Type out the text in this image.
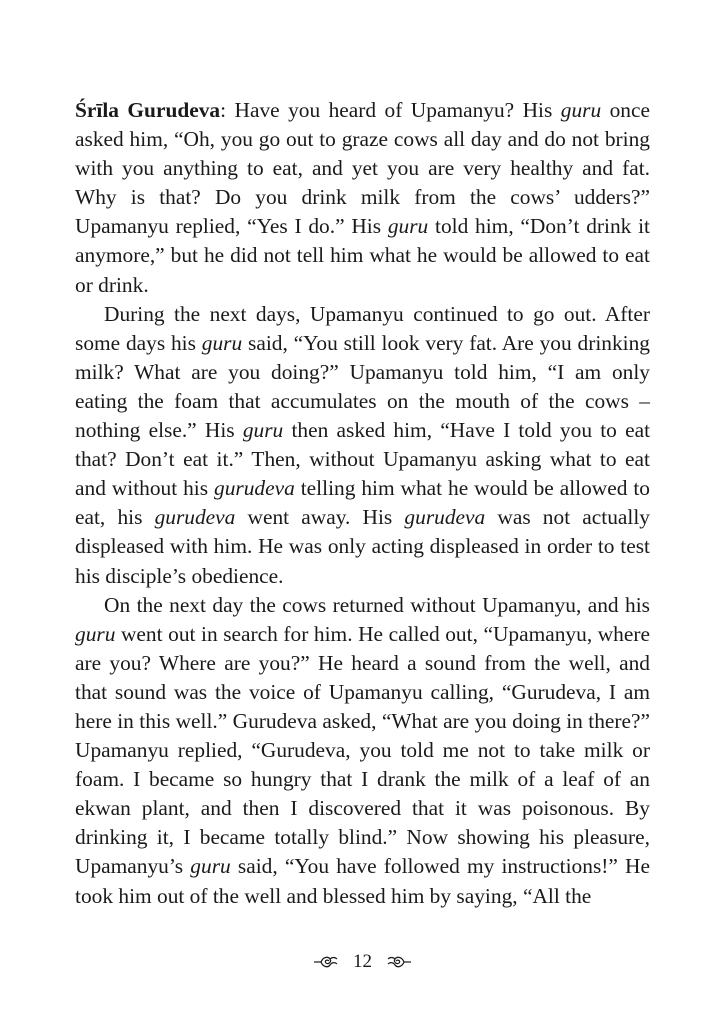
Śrīla Gurudeva: Have you heard of Upamanyu? His guru once asked him, “Oh, you go out to graze cows all day and do not bring with you anything to eat, and yet you are very healthy and fat. Why is that? Do you drink milk from the cows’ udders?” Upamanyu replied, “Yes I do.” His guru told him, “Don’t drink it anymore,” but he did not tell him what he would be allowed to eat or drink.

During the next days, Upamanyu continued to go out. After some days his guru said, “You still look very fat. Are you drinking milk? What are you doing?” Upamanyu told him, “I am only eating the foam that accumulates on the mouth of the cows – nothing else.” His guru then asked him, “Have I told you to eat that? Don’t eat it.” Then, without Upamanyu asking what to eat and without his gurudeva telling him what he would be allowed to eat, his gurudeva went away. His gurudeva was not actually displeased with him. He was only acting displeased in order to test his disciple’s obedience.

On the next day the cows returned without Upamanyu, and his guru went out in search for him. He called out, “Upamanyu, where are you? Where are you?” He heard a sound from the well, and that sound was the voice of Upamanyu calling, “Gurudeva, I am here in this well.” Gurudeva asked, “What are you doing in there?” Upamanyu replied, “Gurudeva, you told me not to take milk or foam. I became so hungry that I drank the milk of a leaf of an ekwan plant, and then I discovered that it was poisonous. By drinking it, I became totally blind.” Now showing his pleasure, Upamanyu’s guru said, “You have followed my instructions!” He took him out of the well and blessed him by saying, “All the

12
